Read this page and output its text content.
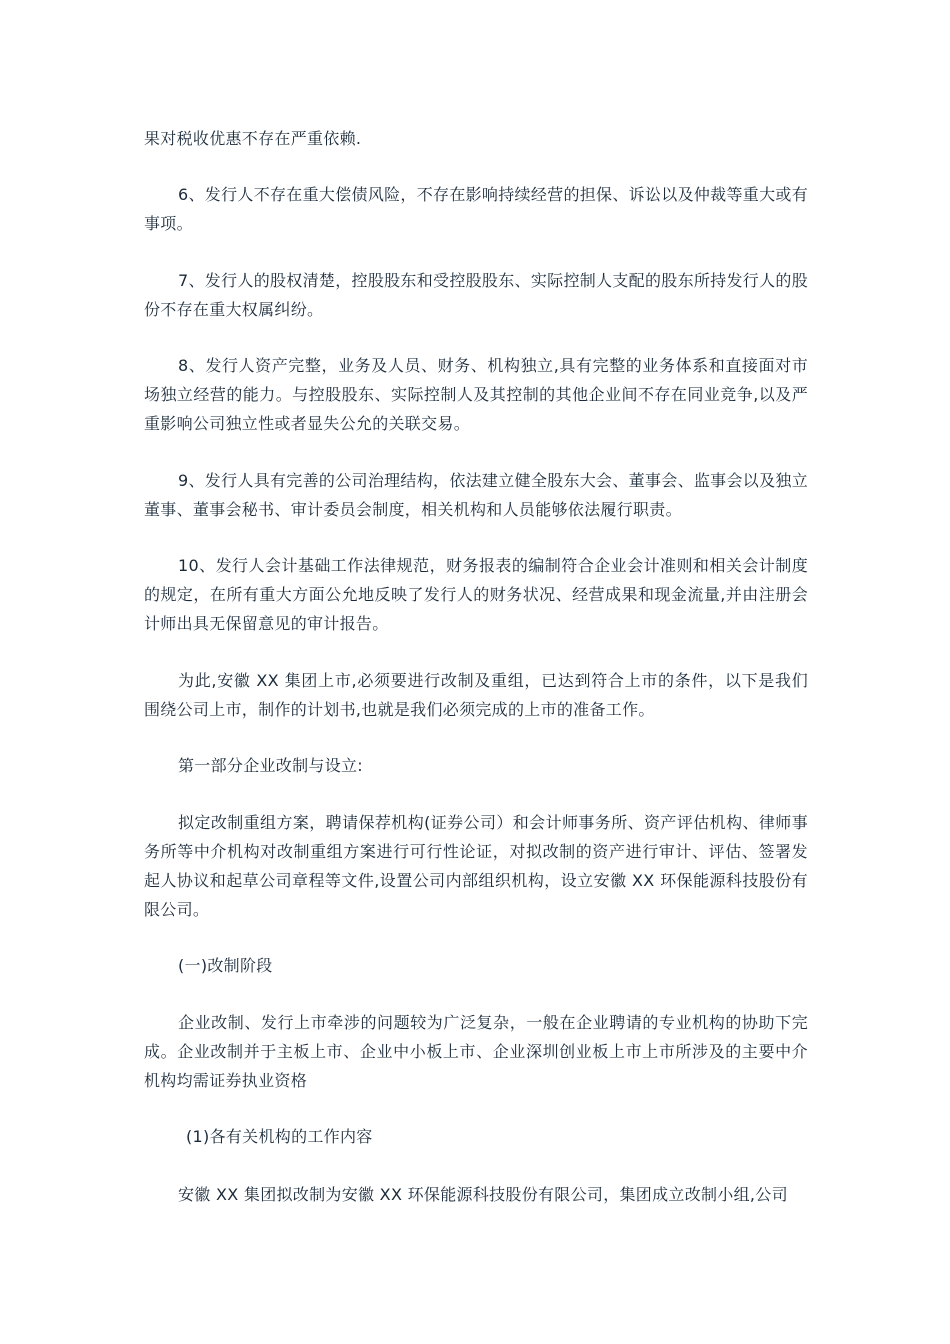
果对税收优惠不存在严重依赖.

6、发行人不存在重大偿债风险，不存在影响持续经营的担保、诉讼以及仲裁等重大或有事项。

7、发行人的股权清楚，控股股东和受控股股东、实际控制人支配的股东所持发行人的股份不存在重大权属纠纷。

8、发行人资产完整，业务及人员、财务、机构独立,具有完整的业务体系和直接面对市场独立经营的能力。与控股股东、实际控制人及其控制的其他企业间不存在同业竞争,以及严重影响公司独立性或者显失公允的关联交易。

9、发行人具有完善的公司治理结构，依法建立健全股东大会、董事会、监事会以及独立董事、董事会秘书、审计委员会制度，相关机构和人员能够依法履行职责。

10、发行人会计基础工作法律规范，财务报表的编制符合企业会计准则和相关会计制度的规定，在所有重大方面公允地反映了发行人的财务状况、经营成果和现金流量,并由注册会计师出具无保留意见的审计报告。

为此,安徽 XX 集团上市,必须要进行改制及重组，已达到符合上市的条件，以下是我们围绕公司上市，制作的计划书,也就是我们必须完成的上市的准备工作。

第一部分企业改制与设立:

拟定改制重组方案，聘请保荐机构(证券公司）和会计师事务所、资产评估机构、律师事务所等中介机构对改制重组方案进行可行性论证，对拟改制的资产进行审计、评估、签署发起人协议和起草公司章程等文件,设置公司内部组织机构，设立安徽 XX 环保能源科技股份有限公司。

(一)改制阶段

企业改制、发行上市牵涉的问题较为广泛复杂，一般在企业聘请的专业机构的协助下完成。企业改制并于主板上市、企业中小板上市、企业深圳创业板上市上市所涉及的主要中介机构均需证券执业资格

(1)各有关机构的工作内容

安徽 XX 集团拟改制为安徽 XX 环保能源科技股份有限公司，集团成立改制小组,公司
